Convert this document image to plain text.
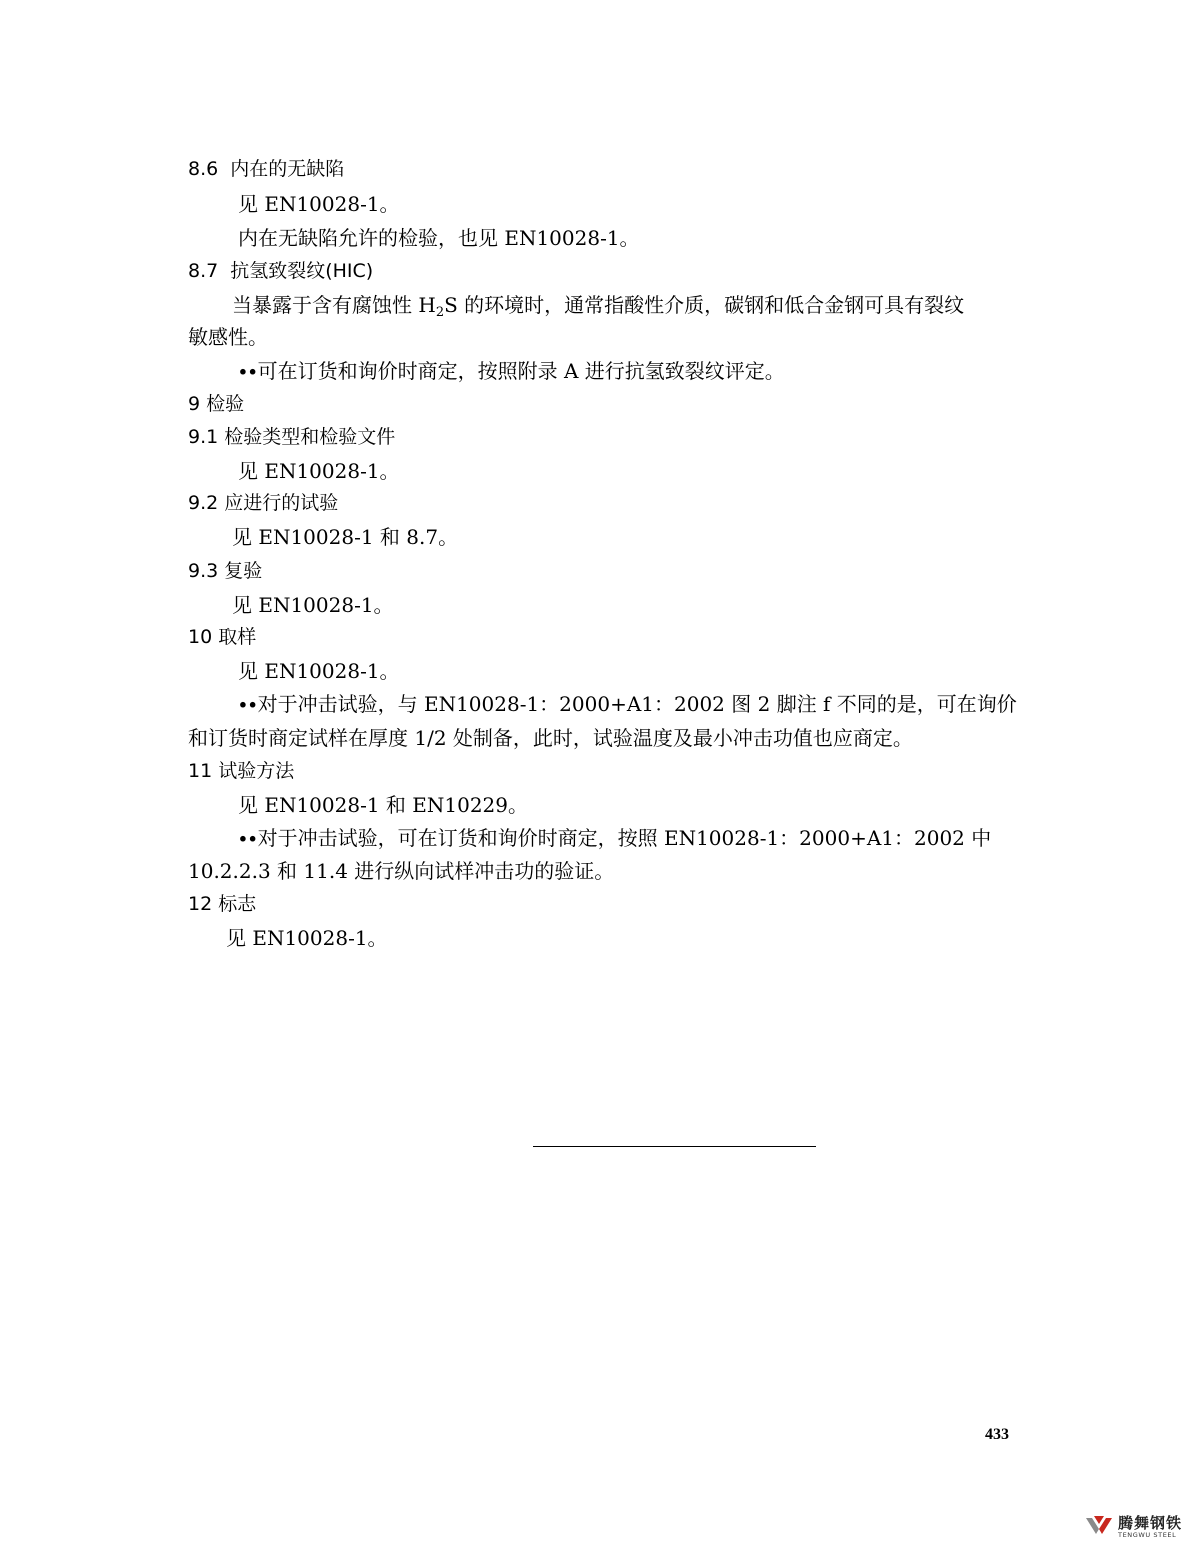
8.6 内在的无缺陷
见 EN10028-1。
内在无缺陷允许的检验，也见 EN10028-1。
8.7 抗氢致裂纹(HIC)
当暴露于含有腐蚀性 $H_2S$ 的环境时，通常指酸性介质，碳钢和低合金钢可具有裂纹
敏感性。
∙∙可在订货和询价时商定，按照附录 A 进行抗氢致裂纹评定。
9 检验
9.1 检验类型和检验文件
见 EN10028-1。
9.2 应进行的试验
见 EN10028-1 和 8.7。
9.3 复验
见 EN10028-1。
10 取样
见 EN10028-1。
∙∙对于冲击试验，与 EN10028-1：2000+A1：2002 图 2 脚注 f 不同的是，可在询价
和订货时商定试样在厚度 1/2 处制备，此时，试验温度及最小冲击功值也应商定。
11 试验方法
见 EN10028-1 和 EN10229。
∙∙对于冲击试验，可在订货和询价时商定，按照 EN10028-1：2000+A1：2002 中
10.2.2.3 和 11.4 进行纵向试样冲击功的验证。
12 标志
见 EN10028-1。
433
腾舞钢铁
TENGWU STEEL
